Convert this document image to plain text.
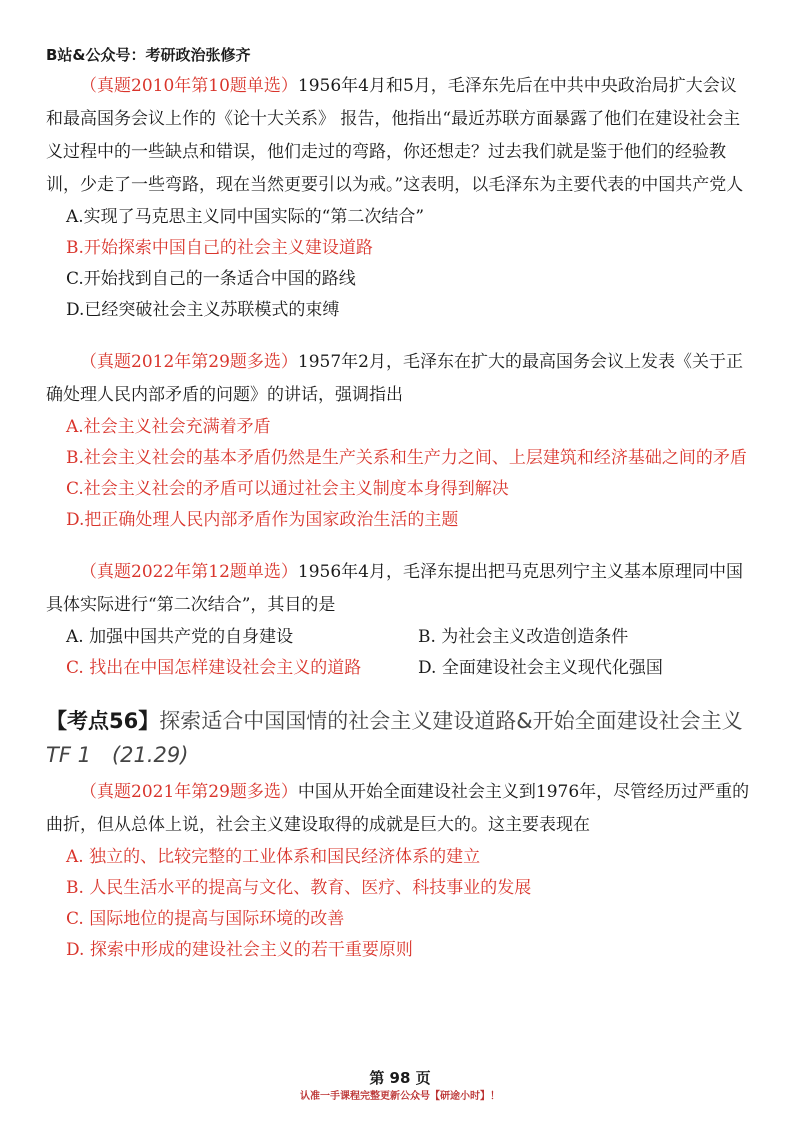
B站&公众号：考研政治张修齐

（真题2010年第10题单选）1956年4月和5月，毛泽东先后在中共中央政治局扩大会议和最高国务会议上作的《论十大关系》 报告，他指出“最近苏联方面暴露了他们在建设社会主义过程中的一些缺点和错误，他们走过的弯路，你还想走？过去我们就是鉴于他们的经验教训，少走了一些弯路，现在当然更要引以为戒。”这表明，以毛泽东为主要代表的中国共产党人

A.实现了马克思主义同中国实际的“第二次结合”

B.开始探索中国自己的社会主义建设道路

C.开始找到自己的一条适合中国的路线

D.已经突破社会主义苏联模式的束缚

（真题2012年第29题多选）1957年2月，毛泽东在扩大的最高国务会议上发表《关于正确处理人民内部矛盾的问题》的讲话，强调指出

A.社会主义社会充满着矛盾

B.社会主义社会的基本矛盾仍然是生产关系和生产力之间、上层建筑和经济基础之间的矛盾

C.社会主义社会的矛盾可以通过社会主义制度本身得到解决

D.把正确处理人民内部矛盾作为国家政治生活的主题

（真题2022年第12题单选）1956年4月，毛泽东提出把马克思列宁主义基本原理同中国具体实际进行“第二次结合”，其目的是

A. 加强中国共产党的自身建设	B. 为社会主义改造创造条件

C. 找出在中国怎样建设社会主义的道路	D. 全面建设社会主义现代化强国

【考点56】探索适合中国国情的社会主义建设道路&开始全面建设社会主义　TF 1　(21.29)

（真题2021年第29题多选）中国从开始全面建设社会主义到1976年，尽管经历过严重的曲折，但从总体上说，社会主义建设取得的成就是巨大的。这主要表现在

A. 独立的、比较完整的工业体系和国民经济体系的建立

B. 人民生活水平的提高与文化、教育、医疗、科技事业的发展

C. 国际地位的提高与国际环境的改善

D. 探索中形成的建设社会主义的若干重要原则

第 98 页
认准一手课程完整更新公众号【研途小时】！
